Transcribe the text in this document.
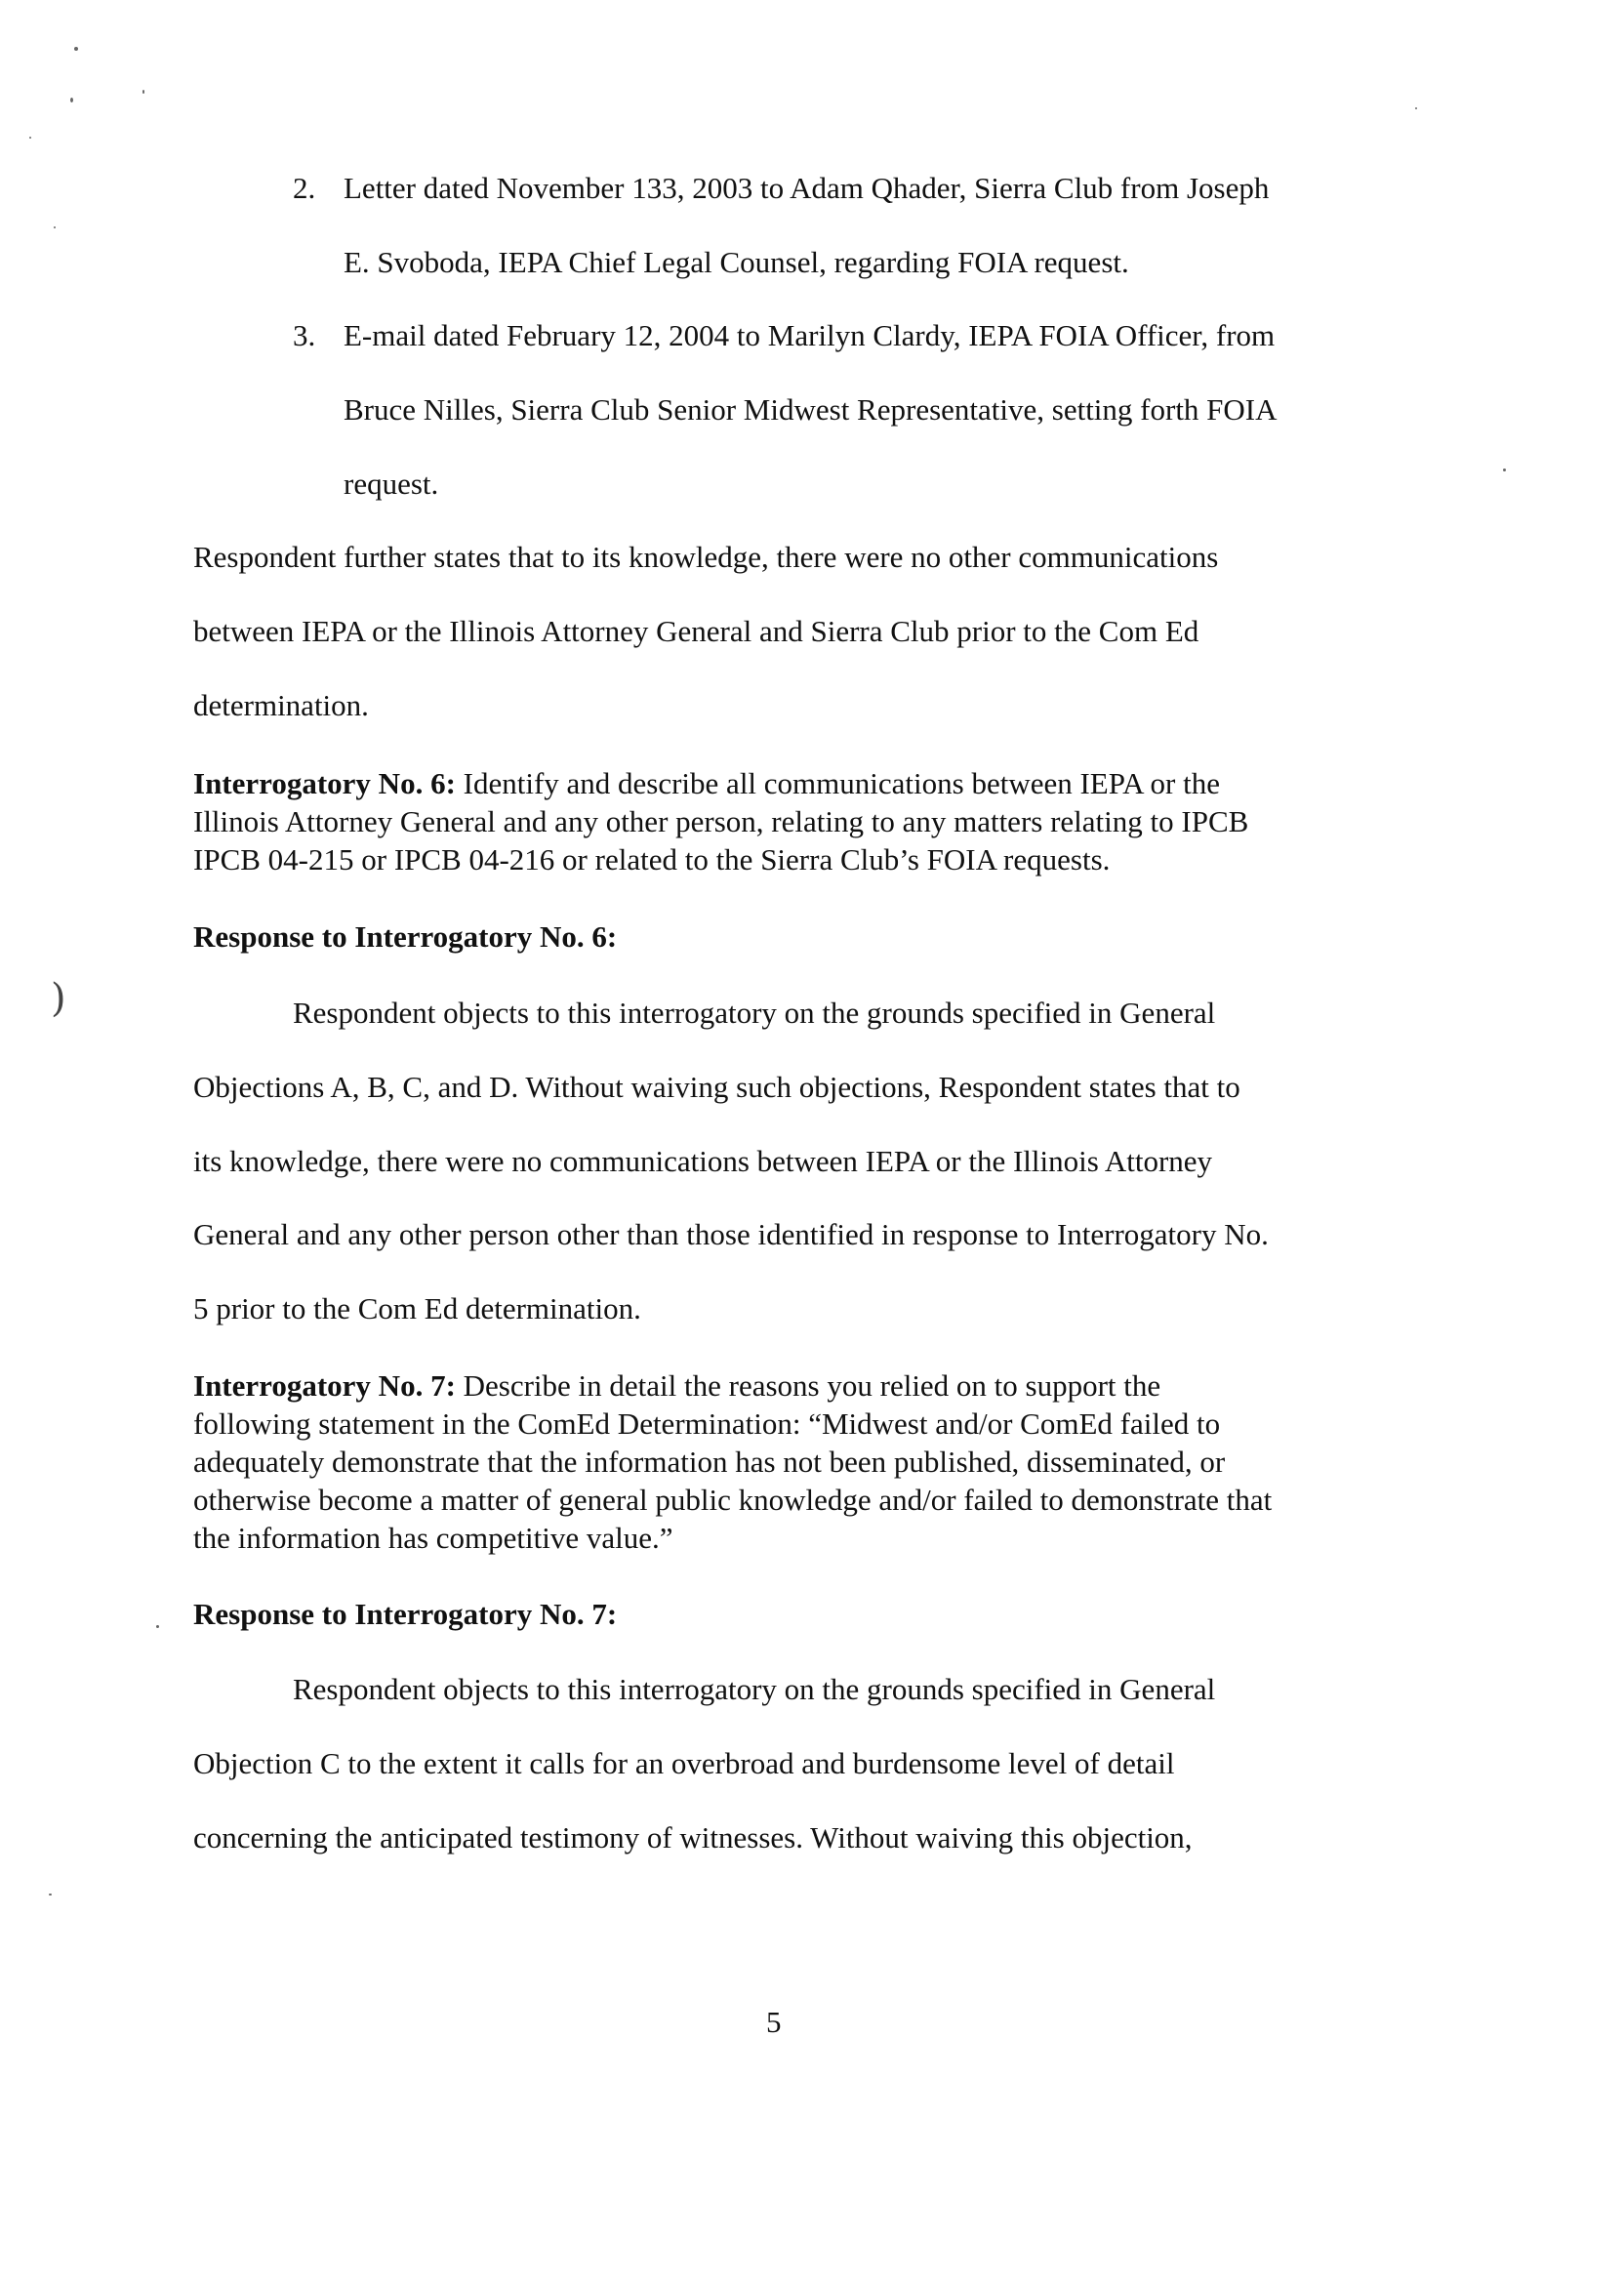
2. Letter dated November 133, 2003 to Adam Qhader, Sierra Club from Joseph
E. Svoboda, IEPA Chief Legal Counsel, regarding FOIA request.
3. E-mail dated February 12, 2004 to Marilyn Clardy, IEPA FOIA Officer, from
Bruce Nilles, Sierra Club Senior Midwest Representative, setting forth FOIA
request.
Respondent further states that to its knowledge, there were no other communications
between IEPA or the Illinois Attorney General and Sierra Club prior to the Com Ed
determination.

Interrogatory No. 6: Identify and describe all communications between IEPA or the

Illinois Attorney General and any other person, relating to any matters relating to IPCB

IPCB 04-215 or IPCB 04-216 or related to the Sierra Club’s FOIA requests.

Response to Interrogatory No. 6:
Respondent objects to this interrogatory on the grounds specified in General
Objections A, B, C, and D. Without waiving such objections, Respondent states that to
its knowledge, there were no communications between IEPA or the Illinois Attorney
General and any other person other than those identified in response to Interrogatory No.
5 prior to the Com Ed determination.

Interrogatory No. 7: Describe in detail the reasons you relied on to support the

following statement in the ComEd Determination: “Midwest and/or ComEd failed to

adequately demonstrate that the information has not been published, disseminated, or

otherwise become a matter of general public knowledge and/or failed to demonstrate that

the information has competitive value.”

Response to Interrogatory No. 7:
Respondent objects to this interrogatory on the grounds specified in General
Objection C to the extent it calls for an overbroad and burdensome level of detail
concerning the anticipated testimony of witnesses. Without waiving this objection,
5
)
